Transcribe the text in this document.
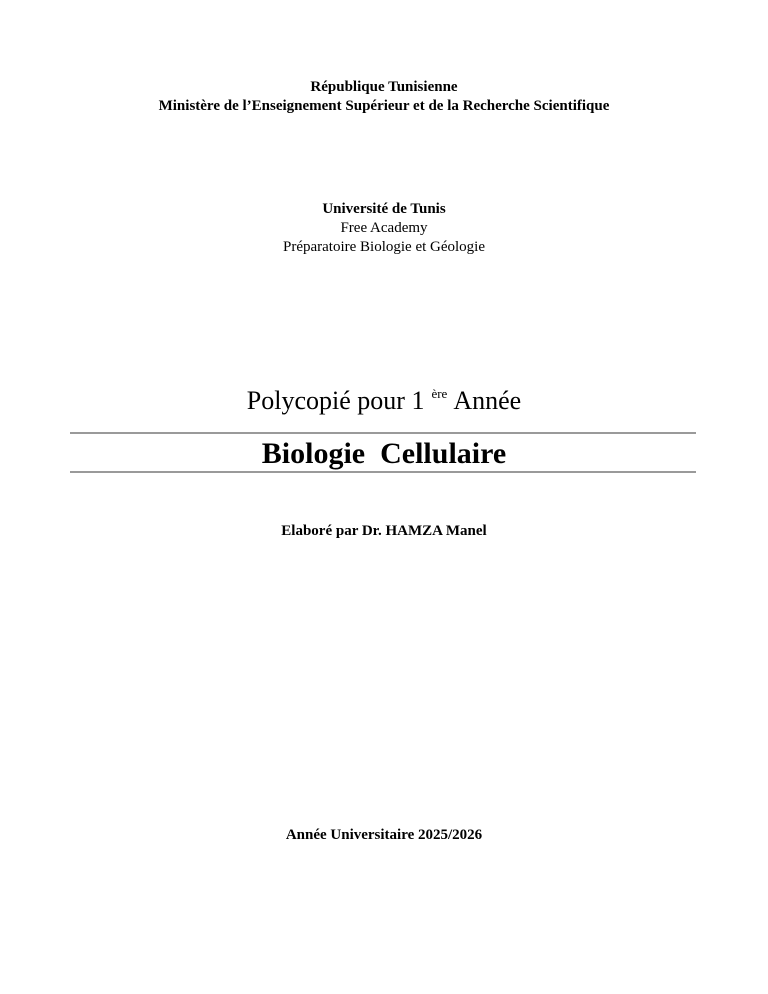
République Tunisienne
Ministère de l’Enseignement Supérieur et de la Recherche Scientifique
Université de Tunis
Free Academy
Préparatoire Biologie et Géologie
Polycopié pour 1 $^{ère}$ Année
Biologie  Cellulaire
Elaboré par Dr. HAMZA Manel
Année Universitaire 2025/2026
